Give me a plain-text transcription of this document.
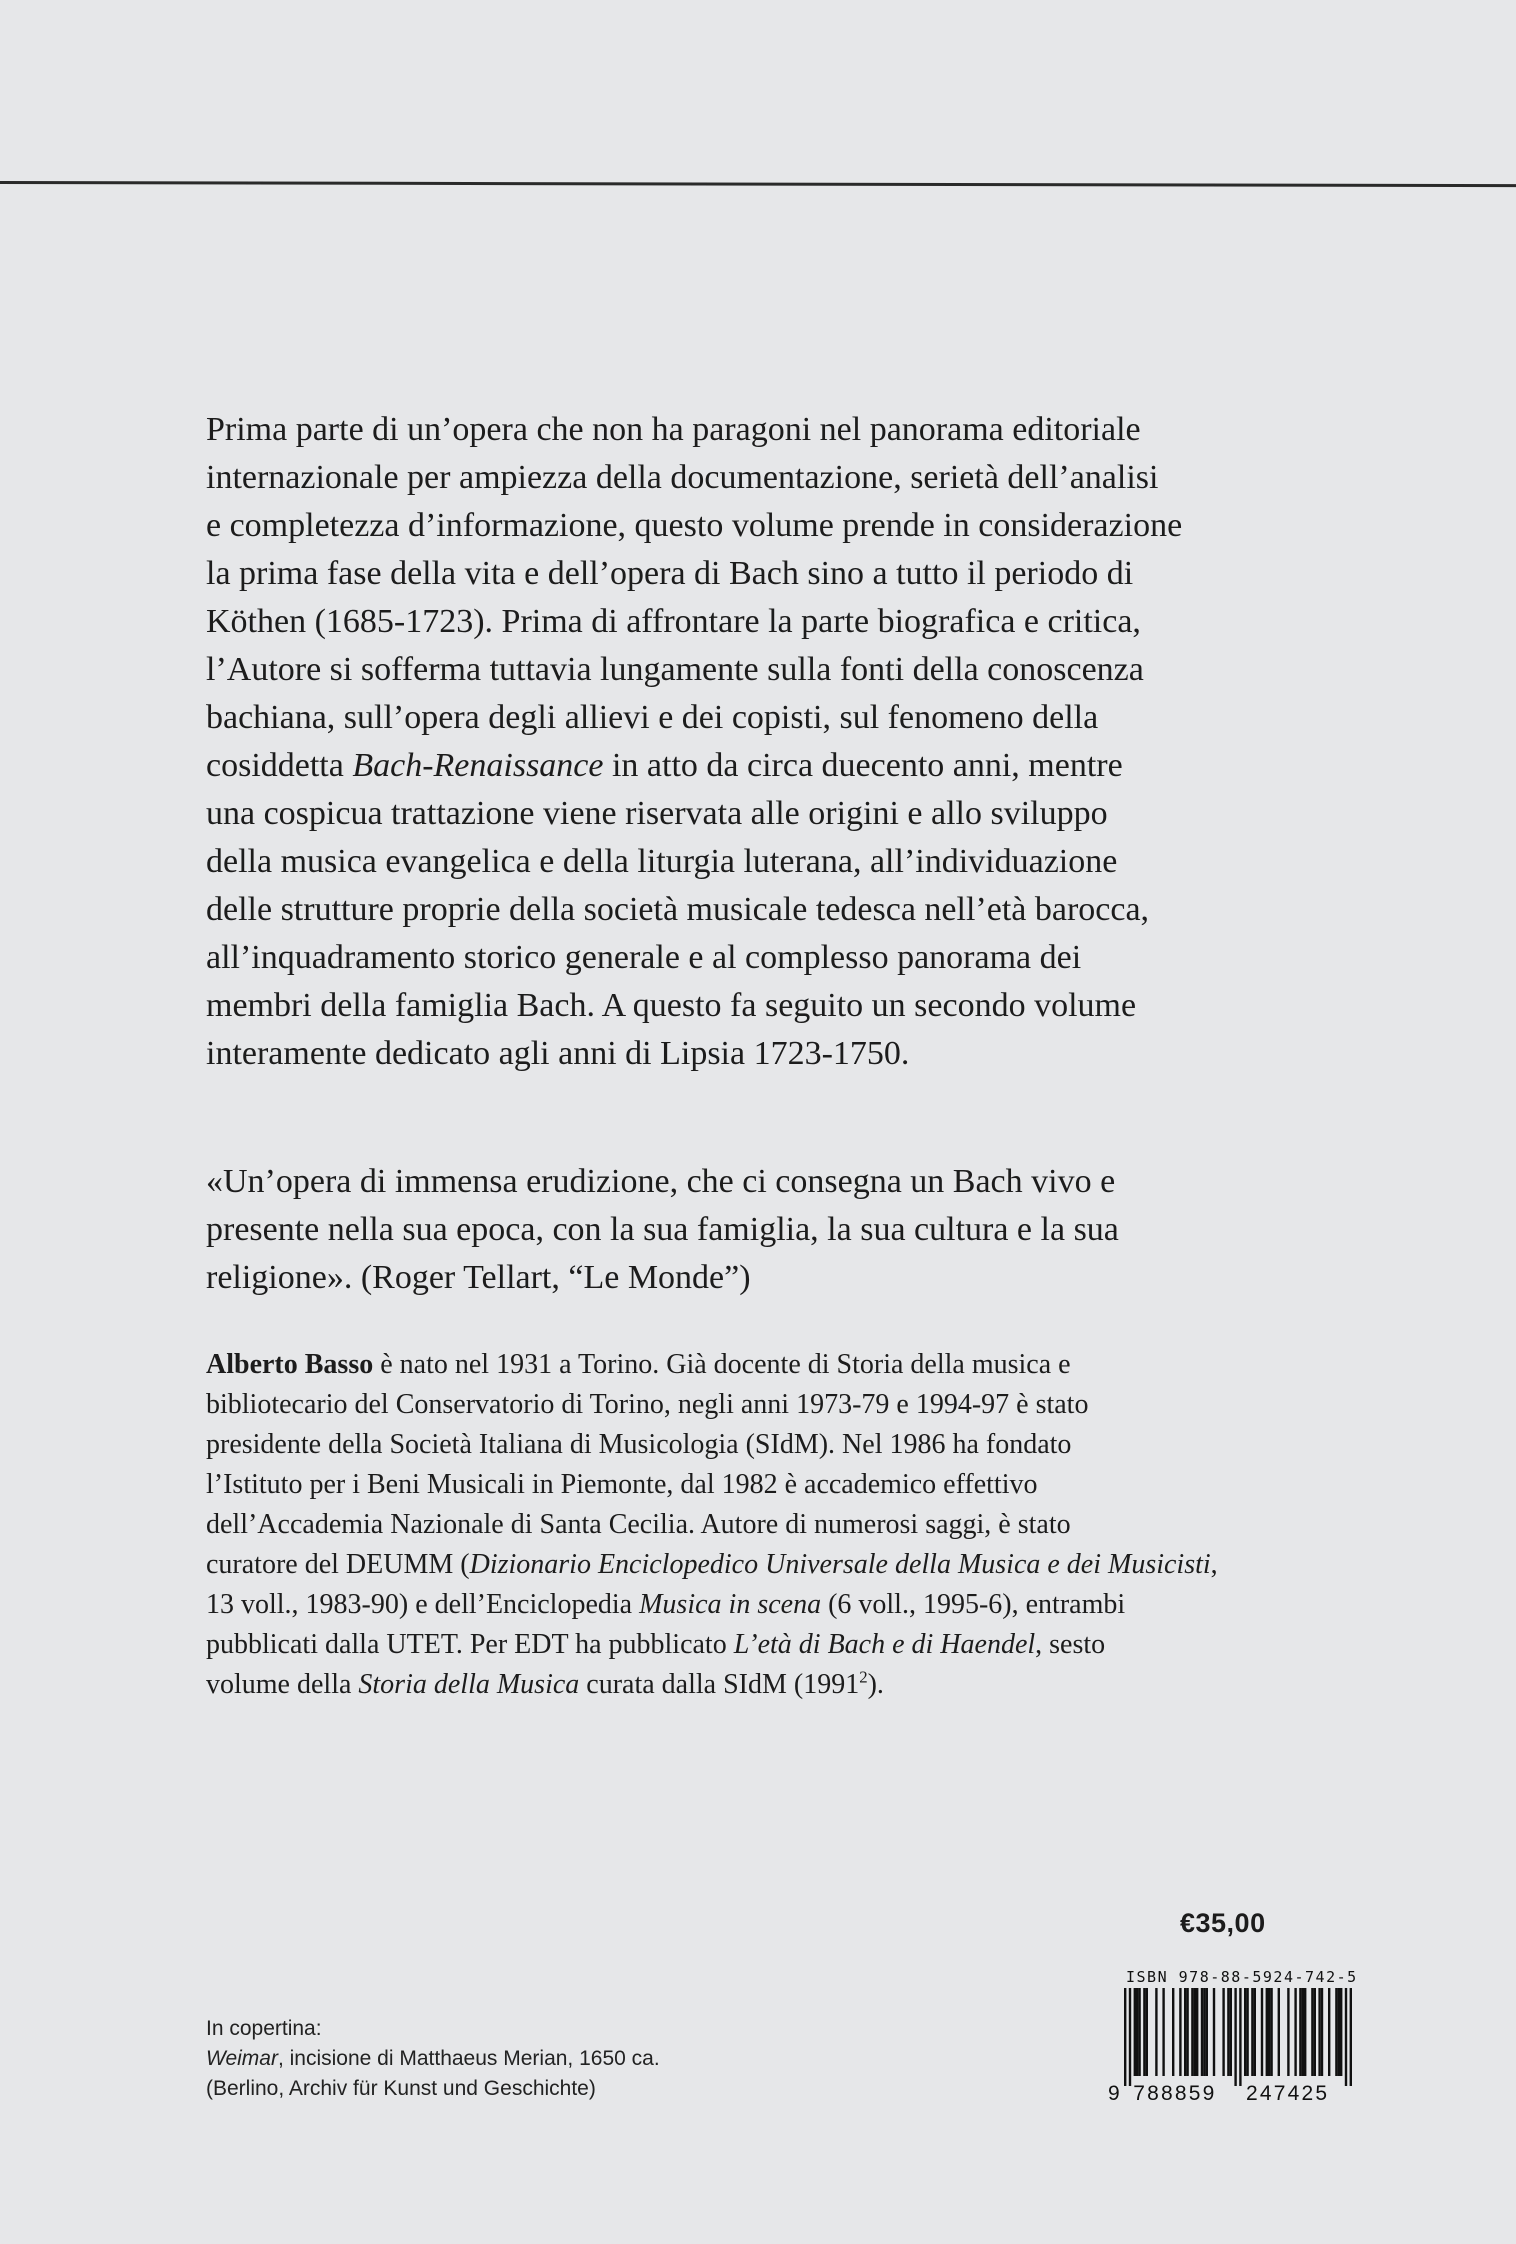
Prima parte di un’opera che non ha paragoni nel panorama editoriale
internazionale per ampiezza della documentazione, serietà dell’analisi
e completezza d’informazione, questo volume prende in considerazione
la prima fase della vita e dell’opera di Bach sino a tutto il periodo di
Köthen (1685-1723). Prima di affrontare la parte biografica e critica,
l’Autore si sofferma tuttavia lungamente sulla fonti della conoscenza
bachiana, sull’opera degli allievi e dei copisti, sul fenomeno della
cosiddetta Bach-Renaissance in atto da circa duecento anni, mentre
una cospicua trattazione viene riservata alle origini e allo sviluppo
della musica evangelica e della liturgia luterana, all’individuazione
delle strutture proprie della società musicale tedesca nell’età barocca,
all’inquadramento storico generale e al complesso panorama dei
membri della famiglia Bach. A questo fa seguito un secondo volume
interamente dedicato agli anni di Lipsia 1723-1750.
«Un’opera di immensa erudizione, che ci consegna un Bach vivo e
presente nella sua epoca, con la sua famiglia, la sua cultura e la sua
religione». (Roger Tellart, “Le Monde”)
Alberto Basso è nato nel 1931 a Torino. Già docente di Storia della musica e
bibliotecario del Conservatorio di Torino, negli anni 1973-79 e 1994-97 è stato
presidente della Società Italiana di Musicologia (SIdM). Nel 1986 ha fondato
l’Istituto per i Beni Musicali in Piemonte, dal 1982 è accademico effettivo
dell’Accademia Nazionale di Santa Cecilia. Autore di numerosi saggi, è stato
curatore del DEUMM (Dizionario Enciclopedico Universale della Musica e dei Musicisti,
13 voll., 1983-90) e dell’Enciclopedia Musica in scena (6 voll., 1995-6), entrambi
pubblicati dalla UTET. Per EDT ha pubblicato L’età di Bach e di Haendel, sesto
volume della Storia della Musica curata dalla SIdM (1991$^2$).
€35,00
ISBN 978-88-5924-742-5
9 788859 247425
In copertina:
Weimar, incisione di Matthaeus Merian, 1650 ca.
(Berlino, Archiv für Kunst und Geschichte)
